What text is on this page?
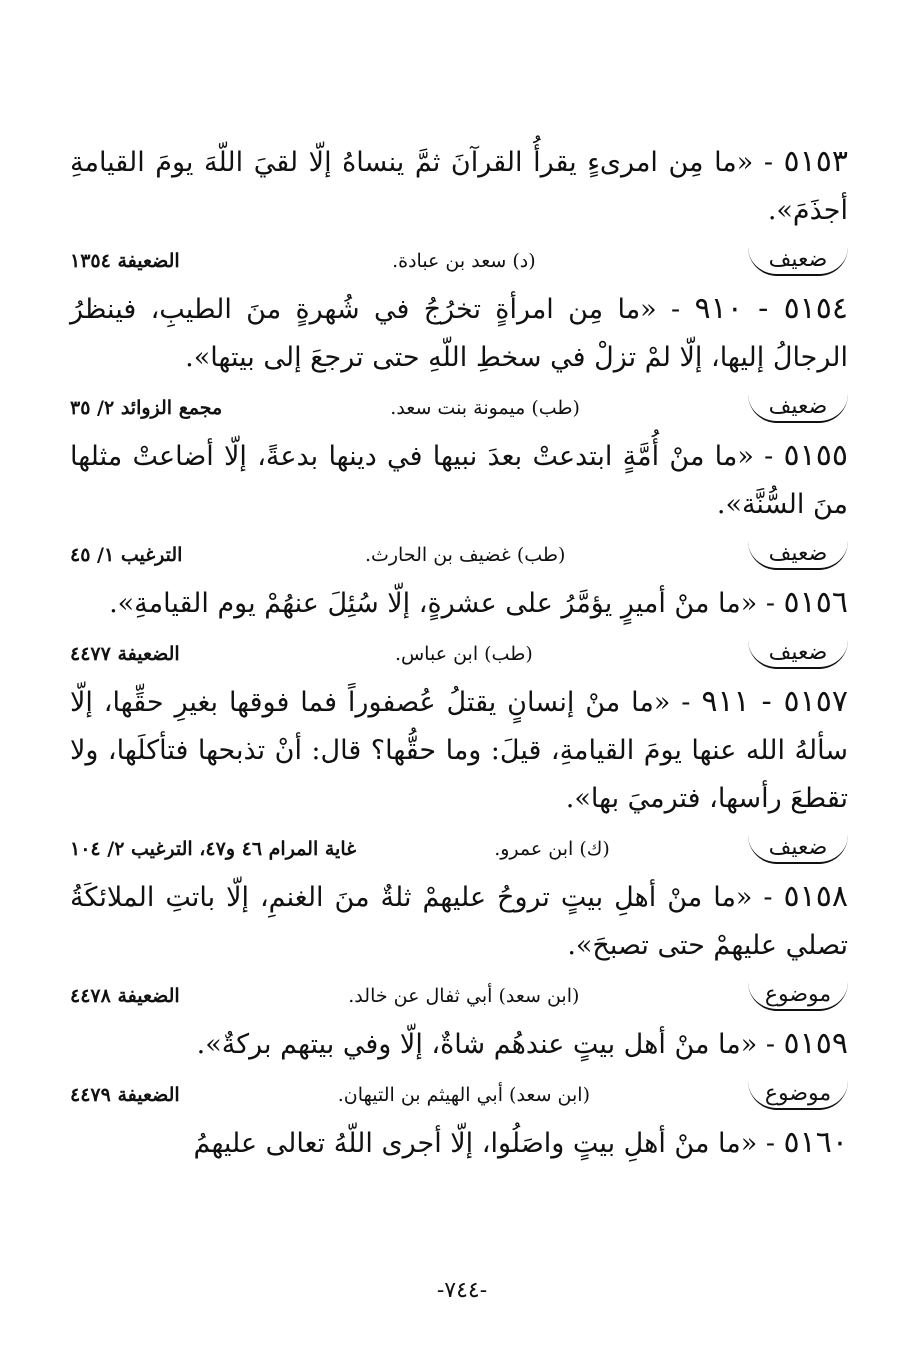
٥١٥٣ - «ما مِن امرىءٍ يقرأُ القرآنَ ثمَّ ينساهُ إلّا لقيَ اللّهَ يومَ القيامةِ أجذَمَ».

ضعيف
(د) سعد بن عبادة.
الضعيفة ١٣٥٤

٥١٥٤ - ٩١٠ - «ما مِن امرأةٍ تخرُجُ في شُهرةٍ منَ الطيبِ، فينظرُ الرجالُ إليها، إلّا لمْ تزلْ في سخطِ اللّهِ حتى ترجعَ إلى بيتها».

ضعيف
(طب) ميمونة بنت سعد.
مجمع الزوائد ٢/ ٣٥

٥١٥٥ - «ما منْ أُمَّةٍ ابتدعتْ بعدَ نبيها في دينها بدعةً، إلّا أضاعتْ مثلها منَ السُّنَّة».

ضعيف
(طب) غضيف بن الحارث.
الترغيب ١/ ٤٥

٥١٥٦ - «ما منْ أميرٍ يؤمَّرُ على عشرةٍ، إلّا سُئِلَ عنهُمْ يوم القيامةِ».

ضعيف
(طب) ابن عباس.
الضعيفة ٤٤٧٧

٥١٥٧ - ٩١١ - «ما منْ إنسانٍ يقتلُ عُصفوراً فما فوقها بغيرِ حقِّها، إلّا سألهُ الله عنها يومَ القيامةِ، قيلَ: وما حقُّها؟ قال: أنْ تذبحها فتأكلَها، ولا تقطعَ رأسها، فترميَ بها».

ضعيف
(ك) ابن عمرو.
غاية المرام ٤٦ و٤٧، الترغيب ٢/ ١٠٤

٥١٥٨ - «ما منْ أهلِ بيتٍ تروحُ عليهمْ ثلةٌ منَ الغنمِ، إلّا باتتِ الملائكَةُ تصلي عليهمْ حتى تصبحَ».

موضوع
(ابن سعد) أبي ثفال عن خالد.
الضعيفة ٤٤٧٨

٥١٥٩ - «ما منْ أهل بيتٍ عندهُم شاةٌ، إلّا وفي بيتهم بركةٌ».

موضوع
(ابن سعد) أبي الهيثم بن التيهان.
الضعيفة ٤٤٧٩

٥١٦٠ - «ما منْ أهلِ بيتٍ واصَلُوا، إلّا أجرى اللّهُ تعالى عليهمُ

-٧٤٤-
